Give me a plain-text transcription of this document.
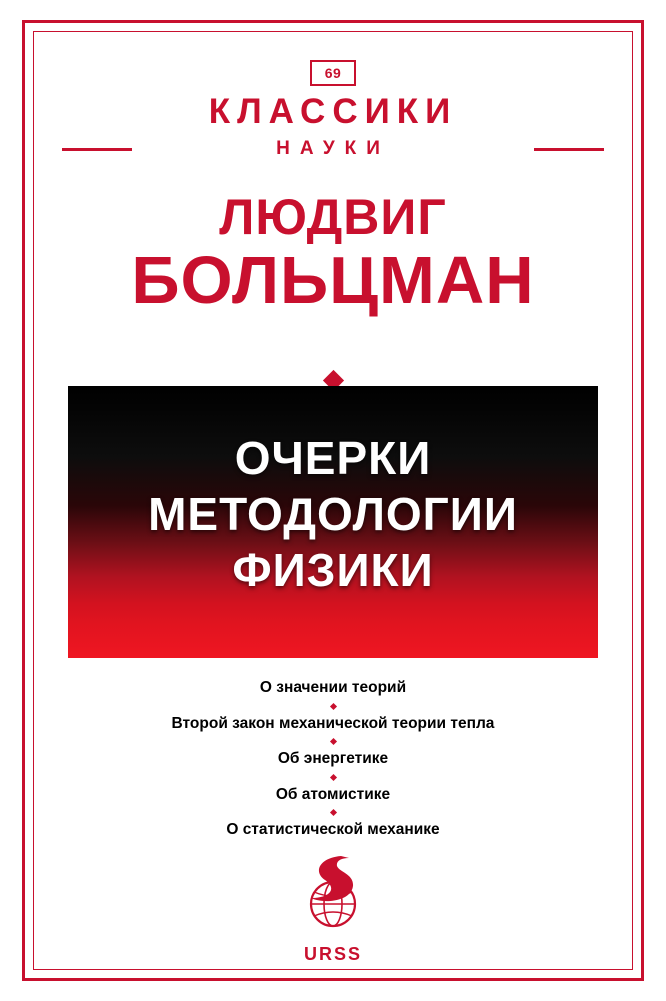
69
КЛАССИКИ
НАУКИ
ЛЮДВИГ
БОЛЬЦМАН
ОЧЕРКИ
МЕТОДОЛОГИИ
ФИЗИКИ
О значении теорий
Второй закон механической теории тепла
Об энергетике
Об атомистике
О статистической механике
URSS
